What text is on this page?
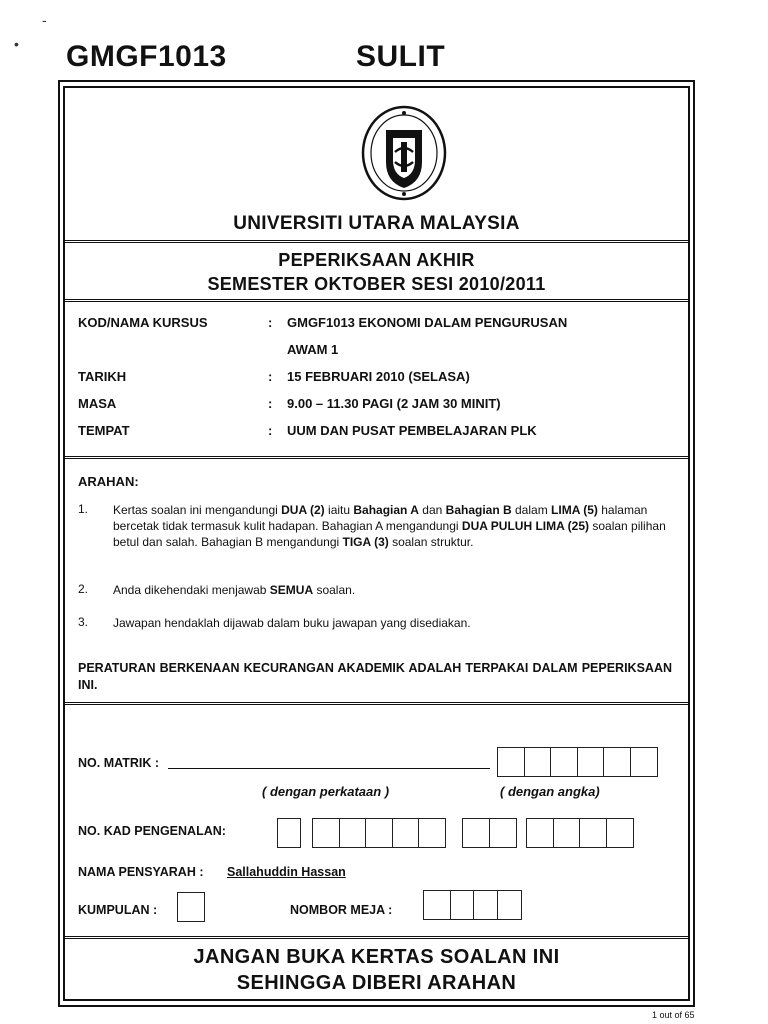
-
• GMGF1013	SULIT
UNIVERSITI UTARA MALAYSIA
PEPERIKSAAN AKHIR
SEMESTER OKTOBER SESI 2010/2011
KOD/NAMA KURSUS	: GMGF1013 EKONOMI DALAM PENGURUSAN
AWAM 1
TARIKH	: 15 FEBRUARI 2010 (SELASA)
MASA	: 9.00 – 11.30 PAGI (2 JAM 30 MINIT)
TEMPAT	: UUM DAN PUSAT PEMBELAJARAN PLK
ARAHAN:
1. Kertas soalan ini mengandungi DUA (2) iaitu Bahagian A dan Bahagian B dalam LIMA (5) halaman bercetak tidak termasuk kulit hadapan. Bahagian A mengandungi DUA PULUH LIMA (25) soalan pilihan betul dan salah. Bahagian B mengandungi TIGA (3) soalan struktur.
2. Anda dikehendaki menjawab SEMUA soalan.
3. Jawapan hendaklah dijawab dalam buku jawapan yang disediakan.
PERATURAN BERKENAAN KECURANGAN AKADEMIK ADALAH TERPAKAI DALAM PEPERIKSAAN INI.
NO. MATRIK :
( dengan perkataan )	( dengan angka)
NO. KAD PENGENALAN:
NAMA PENSYARAH : Sallahuddin Hassan
KUMPULAN :	NOMBOR MEJA :
JANGAN BUKA KERTAS SOALAN INI
SEHINGGA DIBERI ARAHAN
1 out of 65
